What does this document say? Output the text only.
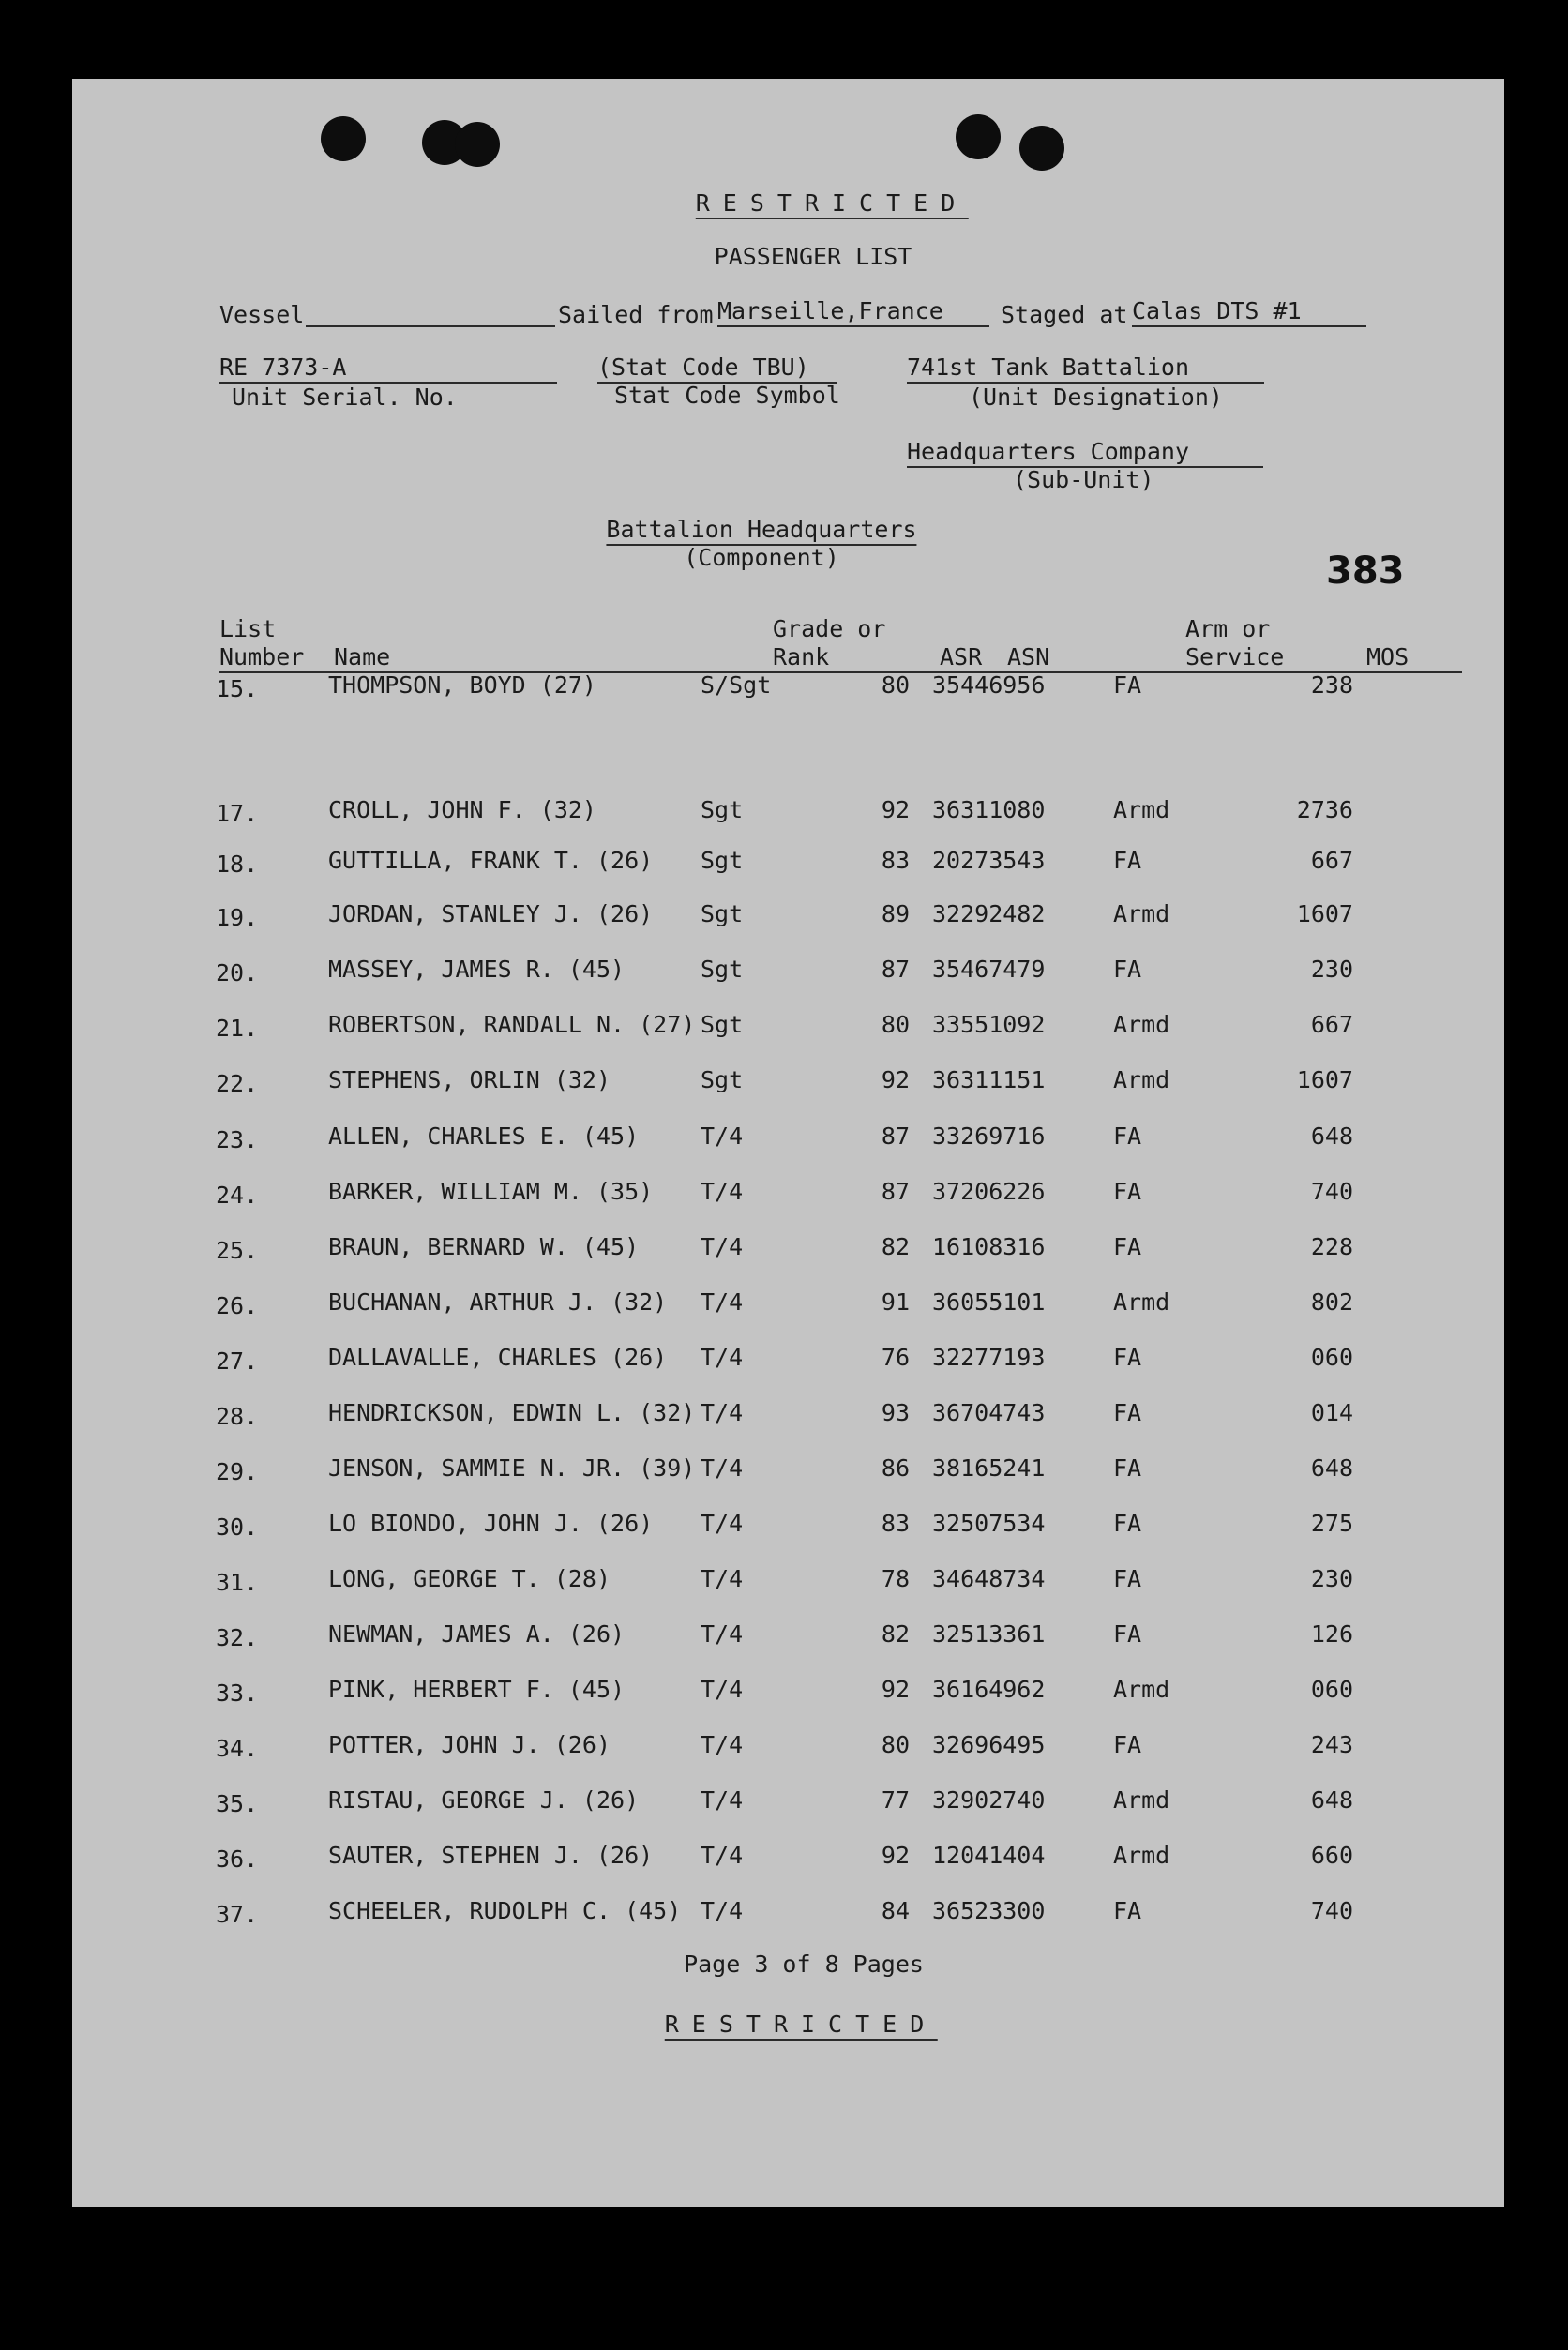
RESTRICTED
PASSENGER LIST
Vessel	Sailed from Marseille,France	Staged at Calas DTS #1
RE 7373-A
Unit Serial. No.
(Stat Code TBU)
Stat Code Symbol
741st Tank Battalion
(Unit Designation)
Headquarters Company
(Sub-Unit)
Battalion Headquarters
(Component)	383
List
Number Name
Grade or
Rank	ASR ASN
Arm or
Service	MOS
15.	THOMPSON, BOYD (27)	S/Sgt	80 35446956	FA	238
17.	CROLL, JOHN F. (32)	Sgt	92 36311080	Armd	2736
18.	GUTTILLA, FRANK T. (26) Sgt	83 20273543	FA	667
19.	JORDAN, STANLEY J. (26) Sgt	89 32292482	Armd	1607
20.	MASSEY, JAMES R. (45)	Sgt	87 35467479	FA	230
21.	ROBERTSON, RANDALL N. (27) Sgt	80 33551092	Armd	667
22.	STEPHENS, ORLIN (32)	Sgt	92 36311151	Armd	1607
23.	ALLEN, CHARLES E. (45)	T/4	87 33269716	FA	648
24.	BARKER, WILLIAM M. (35) T/4	87 37206226	FA	740
25.	BRAUN, BERNARD W. (45)	T/4	82 16108316	FA	228
26.	BUCHANAN, ARTHUR J. (32) T/4	91 36055101	Armd	802
27.	DALLAVALLE, CHARLES (26) T/4	76 32277193	FA	060
28.	HENDRICKSON, EDWIN L. (32) T/4	93 36704743	FA	014
29.	JENSON, SAMMIE N. JR. (39) T/4	86 38165241	FA	648
30.	LO BIONDO, JOHN J. (26) T/4	83 32507534	FA	275
31.	LONG, GEORGE T. (28)	T/4	78 34648734	FA	230
32.	NEWMAN, JAMES A. (26)	T/4	82 32513361	FA	126
33.	PINK, HERBERT F. (45)	T/4	92 36164962	Armd	060
34.	POTTER, JOHN J. (26)	T/4	80 32696495	FA	243
35.	RISTAU, GEORGE J. (26)	T/4	77 32902740	Armd	648
36.	SAUTER, STEPHEN J. (26) T/4	92 12041404	Armd	660
37.	SCHEELER, RUDOLPH C. (45) T/4	84 36523300	FA	740
Page 3 of 8 Pages
RESTRICTED
